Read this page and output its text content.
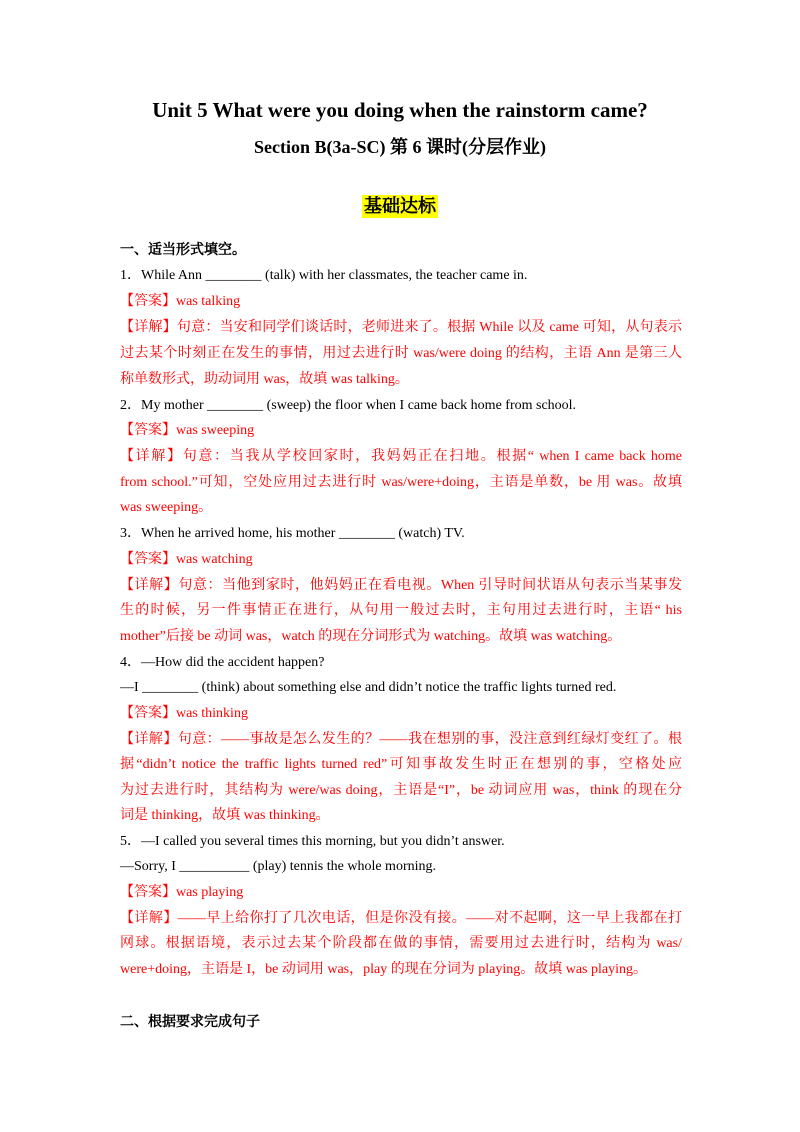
Unit 5 What were you doing when the rainstorm came?
Section B(3a-SC) 第 6 课时(分层作业)
基础达标
一、适当形式填空。
1．While Ann ________ (talk) with her classmates, the teacher came in.
【答案】was talking
【详解】句意：当安和同学们谈话时，老师进来了。根据 While 以及 came 可知，从句表示
过去某个时刻正在发生的事情，用过去进行时 was/were doing 的结构，主语 Ann 是第三人
称单数形式，助动词用 was，故填 was talking。
2．My mother ________ (sweep) the floor when I came back home from school.
【答案】was sweeping
【详解】句意：当我从学校回家时，我妈妈正在扫地。根据“ when I came back home
from school.”可知，空处应用过去进行时 was/were+doing，主语是单数，be 用 was。故填
was sweeping。
3．When he arrived home, his mother ________ (watch) TV.
【答案】was watching
【详解】句意：当他到家时，他妈妈正在看电视。When 引导时间状语从句表示当某事发
生的时候，另一件事情正在进行，从句用一般过去时，主句用过去进行时，主语“ his
mother”后接 be 动词 was，watch 的现在分词形式为 watching。故填 was watching。
4．—How did the accident happen?
—I ________ (think) about something else and didn’t notice the traffic lights turned red.
【答案】was thinking
【详解】句意：——事故是怎么发生的？——我在想别的事，没注意到红绿灯变红了。根
据“didn’t notice the traffic lights turned red”可知事故发生时正在想别的事，空格处应
为过去进行时，其结构为 were/was doing，主语是“I”，be 动词应用 was，think 的现在分
词是 thinking，故填 was thinking。
5．—I called you several times this morning, but you didn’t answer.
—Sorry, I __________ (play) tennis the whole morning.
【答案】was playing
【详解】——早上给你打了几次电话，但是你没有接。——对不起啊，这一早上我都在打
网球。根据语境，表示过去某个阶段都在做的事情，需要用过去进行时，结构为 was/
were+doing，主语是 I，be 动词用 was，play 的现在分词为 playing。故填 was playing。
二、根据要求完成句子
